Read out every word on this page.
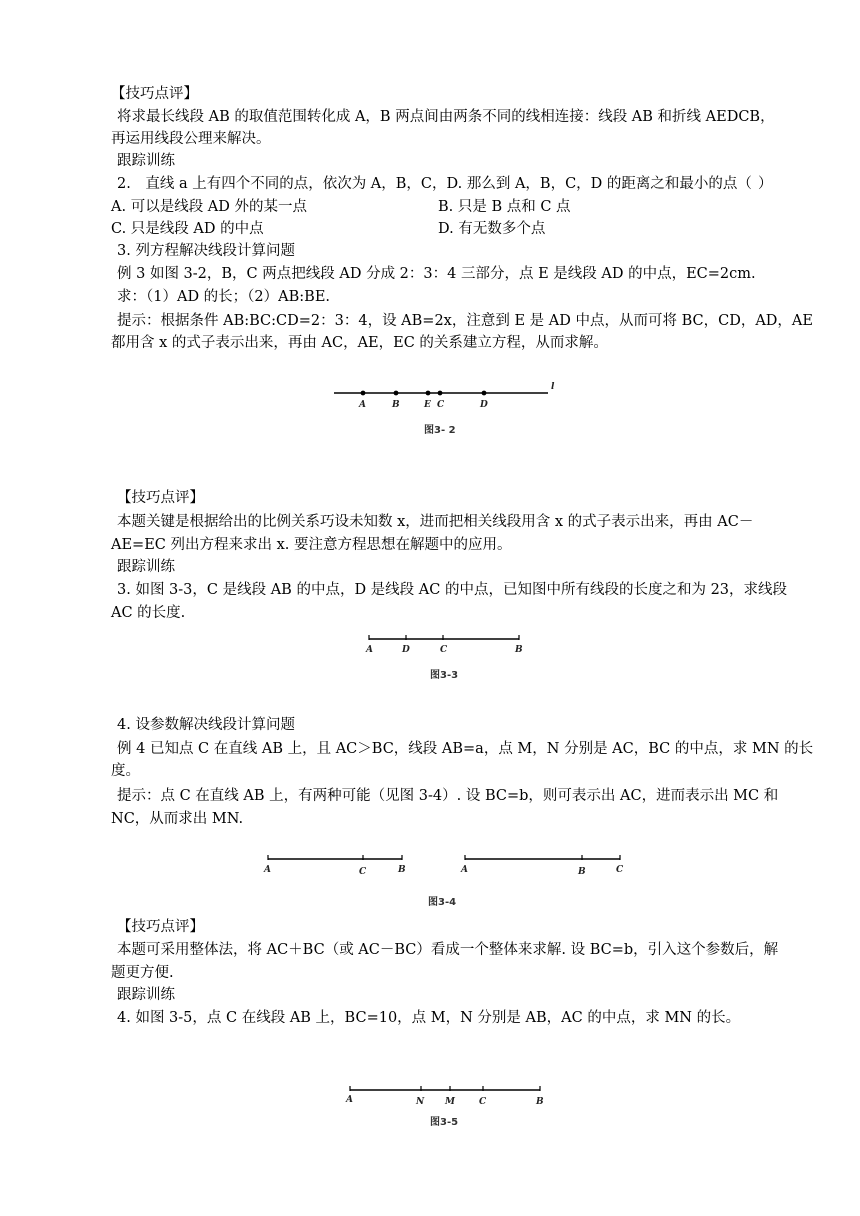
【技巧点评】
将求最长线段 AB 的取值范围转化成 A，B 两点间由两条不同的线相连接：线段 AB 和折线 AEDCB，
再运用线段公理来解决。
跟踪训练
2.　直线 a 上有四个不同的点，依次为 A，B，C，D. 那么到 A，B，C，D 的距离之和最小的点（ ）
A. 可以是线段 AD 外的某一点	B. 只是 B 点和 C 点
C. 只是线段 AD 的中点	D. 有无数多个点
3. 列方程解决线段计算问题
例 3 如图 3-2，B，C 两点把线段 AD 分成 2：3：4 三部分，点 E 是线段 AD 的中点，EC=2cm.
求：（1）AD 的长；（2）AB:BE.
提示：根据条件 AB:BC:CD=2：3：4，设 AB=2x，注意到 E 是 AD 中点，从而可将 BC，CD，AD，AE
都用含 x 的式子表示出来，再由 AC，AE，EC 的关系建立方程，从而求解。
A	B	E C	D
l
图3- 2
【技巧点评】
本题关键是根据给出的比例关系巧设未知数 x，进而把相关线段用含 x 的式子表示出来，再由 AC－
AE=EC 列出方程来求出 x. 要注意方程思想在解题中的应用。
跟踪训练
3. 如图 3-3，C 是线段 AB 的中点，D 是线段 AC 的中点，已知图中所有线段的长度之和为 23，求线段
AC 的长度.
A	D	C	B
图3-3
4. 设参数解决线段计算问题
例 4 已知点 C 在直线 AB 上，且 AC＞BC，线段 AB=a，点 M，N 分别是 AC，BC 的中点，求 MN 的长
度。
提示：点 C 在直线 AB 上，有两种可能（见图 3-4）. 设 BC=b，则可表示出 AC，进而表示出 MC 和
NC，从而求出 MN.
A	C	B	A	B	C
图3-4
【技巧点评】
本题可采用整体法，将 AC＋BC（或 AC－BC）看成一个整体来求解. 设 BC=b，引入这个参数后，解
题更方便.
跟踪训练
4. 如图 3-5，点 C 在线段 AB 上，BC=10，点 M，N 分别是 AB，AC 的中点，求 MN 的长。
A	N M	C	B
图3-5
